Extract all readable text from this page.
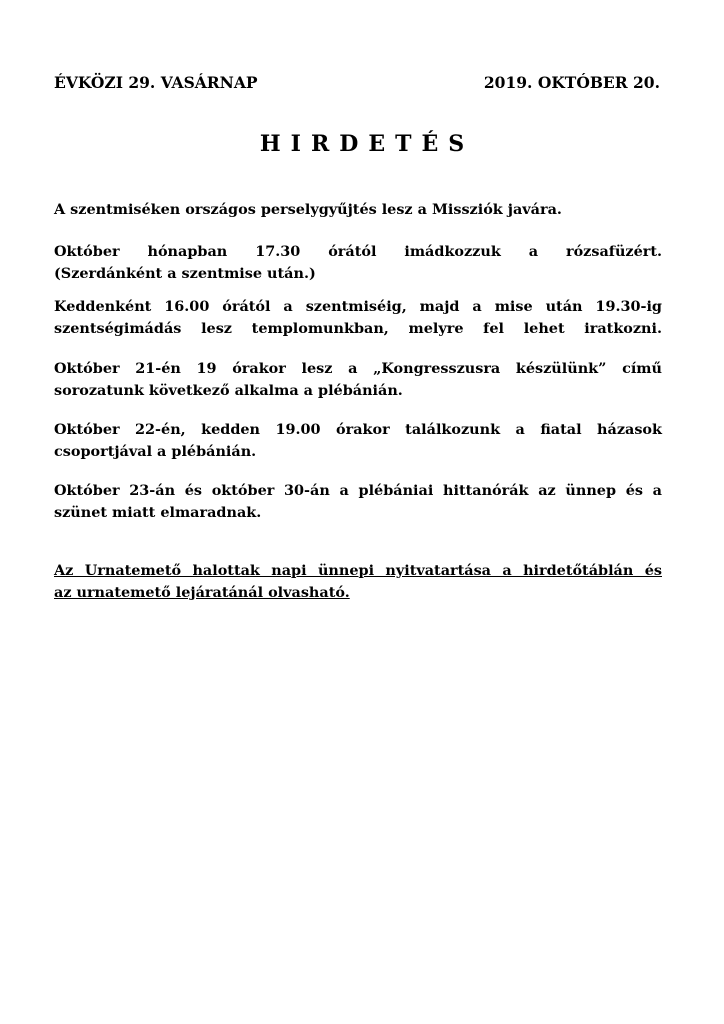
ÉVKÖZI 29. VASÁRNAP	2019. OKTÓBER 20.
HIRDETÉS
A szentmiséken országos perselygyűjtés lesz a Missziók javára.
Október hónapban 17.30 órától imádkozzuk a rózsafüzért.
(Szerdánként a szentmise után.)
Keddenként 16.00 órától a szentmiséig, majd a mise után 19.30-ig
szentségimádás lesz templomunkban, melyre fel lehet iratkozni.
Október 21-én 19 órakor lesz a „Kongresszusra készülünk” című
sorozatunk következő alkalma a plébánián.
Október 22-én, kedden 19.00 órakor találkozunk a fiatal házasok
csoportjával a plébánián.
Október 23-án és október 30-án a plébániai hittanórák az ünnep és a
szünet miatt elmaradnak.
Az Urnatemető halottak napi ünnepi nyitvatartása a hirdetőtáblán és
az urnatemető lejáratánál olvasható.
